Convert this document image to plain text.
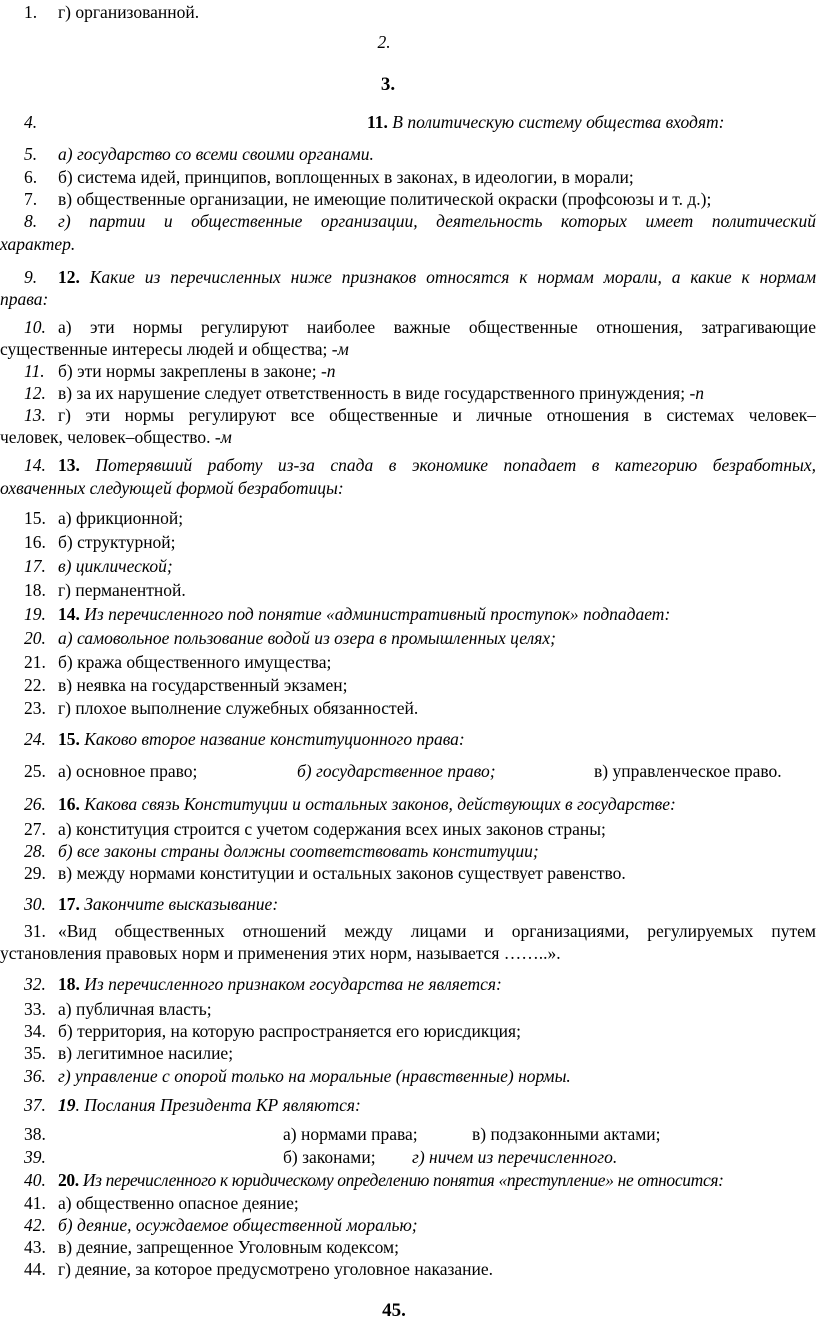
1. г) организованной.
2.
3.
4.	11. В политическую систему общества входят:
5. а) государство со всеми своими органами.
6. б) система идей, принципов, воплощенных в законах, в идеологии, в морали;
7. в) общественные организации, не имеющие политической окраски (профсоюзы и т. д.);
8. г) партии и общественные организации, деятельность которых имеет политический
характер.
9. 12. Какие из перечисленных ниже признаков относятся к нормам морали, а какие к нормам
права:
10. а) эти нормы регулируют наиболее важные общественные отношения, затрагивающие
существенные интересы людей и общества; -м
11. б) эти нормы закреплены в законе; -п
12. в) за их нарушение следует ответственность в виде государственного принуждения; -п
13. г) эти нормы регулируют все общественные и личные отношения в системах человек–
человек, человек–общество. -м
14. 13. Потерявший работу из-за спада в экономике попадает в категорию безработных,
охваченных следующей формой безработицы:
15. а) фрикционной;
16. б) структурной;
17. в) циклической;
18. г) перманентной.
19. 14. Из перечисленного под понятие «административный проступок» подпадает:
20. а) самовольное пользование водой из озера в промышленных целях;
21. б) кража общественного имущества;
22. в) неявка на государственный экзамен;
23. г) плохое выполнение служебных обязанностей.
24. 15. Каково второе название конституционного права:
25. а) основное право;	б) государственное право;	в) управленческое право.
26. 16. Какова связь Конституции и остальных законов, действующих в государстве:
27. а) конституция строится с учетом содержания всех иных законов страны;
28. б) все законы страны должны соответствовать конституции;
29. в) между нормами конституции и остальных законов существует равенство.
30. 17. Закончите высказывание:
31. «Вид общественных отношений между лицами и организациями, регулируемых путем
установления правовых норм и применения этих норм, называется ……..».
32. 18. Из перечисленного признаком государства не является:
33. а) публичная власть;
34. б) территория, на которую распространяется его юрисдикция;
35. в) легитимное насилие;
36. г) управление с опорой только на моральные (нравственные) нормы.
37. 19. Послания Президента КР являются:
38.	а) нормами права;	в) подзаконными актами;
39.	б) законами; г) ничем из перечисленного.
40. 20. Из перечисленного к юридическому определению понятия «преступление» не относится:
41. а) общественно опасное деяние;
42. б) деяние, осуждаемое общественной моралью;
43. в) деяние, запрещенное Уголовным кодексом;
44. г) деяние, за которое предусмотрено уголовное наказание.
45.
